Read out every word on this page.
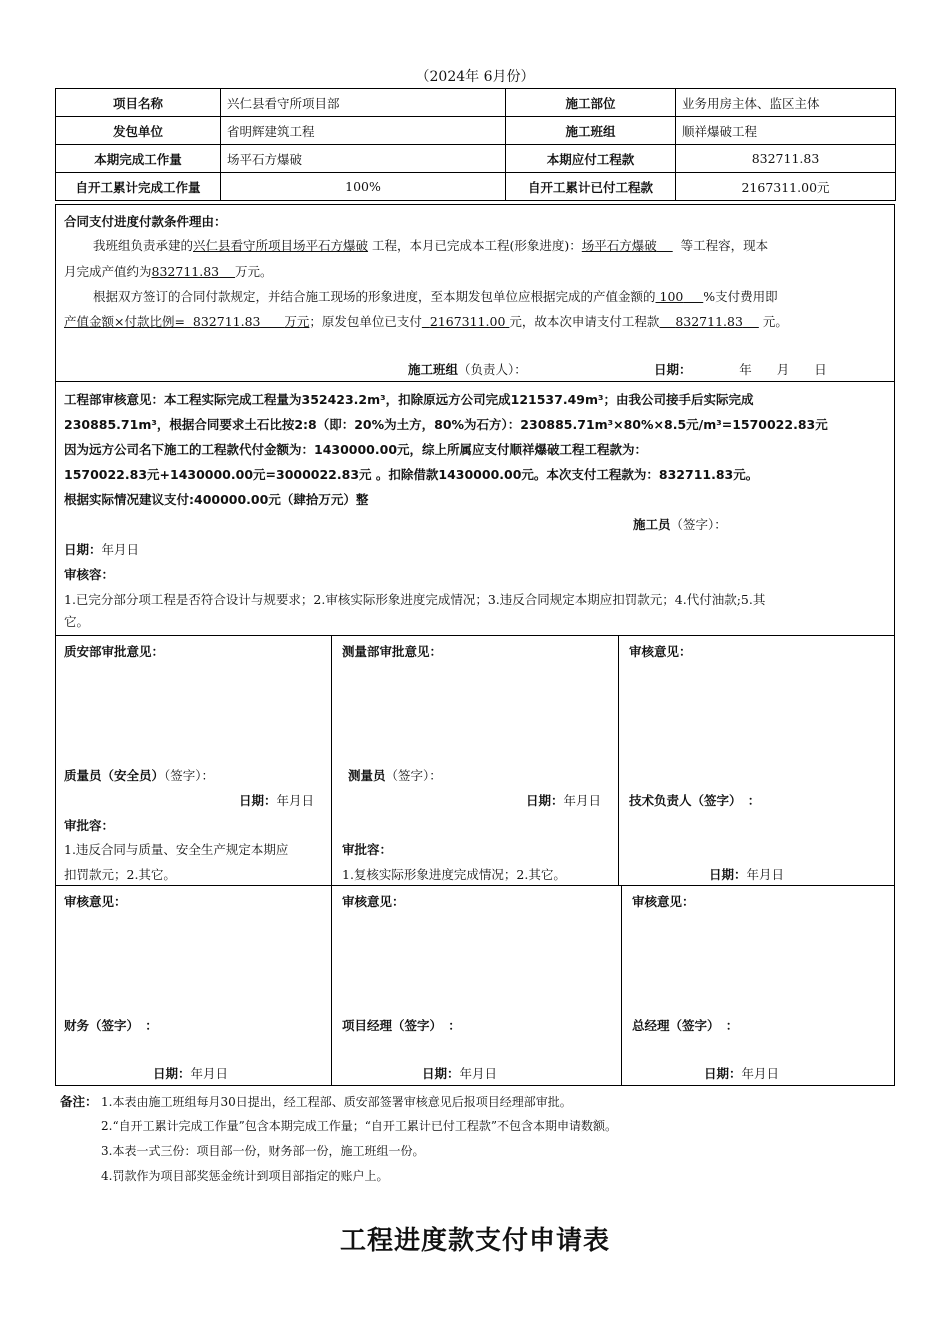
（2024年 6月份）
项目名称	兴仁县看守所项目部	施工部位	业务用房主体、监区主体
发包单位	省明辉建筑工程	施工班组	顺祥爆破工程
本期完成工作量	场平石方爆破	本期应付工程款	832711.83
自开工累计完成工作量	100%	自开工累计已付工程款	2167311.00元
合同支付进度付款条件理由：
我班组负责承建的兴仁县看守所项目场平石方爆破 工程，本月已完成本工程(形象进度)：场平石方爆破 等工程容，现本
月完成产值约为832711.83 万元。
根据双方签订的合同付款规定，并结合施工现场的形象进度，至本期发包单位应根据完成的产值金额的 100 %支付费用即
产值金额×付款比例= 832711.83 万元；原发包单位已支付 2167311.00 元，故本次申请支付工程款 832711.83 元。
施工班组（负责人）：	日期：	年　　月　　日
工程部审核意见：本工程实际完成工程量为352423.2m³，扣除原远方公司完成121537.49m³；由我公司接手后实际完成
230885.71m³，根据合同要求土石比按2:8（即：20%为土方，80%为石方）：230885.71m³×80%×8.5元/m³=1570022.83元
因为远方公司名下施工的工程款代付金额为：1430000.00元，综上所属应支付顺祥爆破工程工程款为：
1570022.83元+1430000.00元=3000022.83元 。扣除借款1430000.00元。本次支付工程款为：832711.83元。
根据实际情况建议支付:400000.00元（肆拾万元）整
施工员（签字）：
日期：年月日
审核容：
1.已完分部分项工程是否符合设计与规要求；2.审核实际形象进度完成情况；3.违反合同规定本期应扣罚款元；4.代付油款;5.其
它。
质安部审批意见：
质量员（安全员）（签字）：
日期：年月日
审批容：
1.违反合同与质量、安全生产规定本期应
扣罚款元；2.其它。
测量部审批意见：
测量员（签字）：
日期：年月日
审批容：
1.复核实际形象进度完成情况；2.其它。
审核意见：
技术负责人（签字）　：
日期：年月日
审核意见：
财务（签字）　：
日期：年月日
审核意见：
项目经理（签字）　：
日期：年月日
审核意见：
总经理（签字）　：
日期：年月日
备注： 1.本表由施工班组每月30日提出，经工程部、质安部签署审核意见后报项目经理部审批。
2.“自开工累计完成工作量”包含本期完成工作量；“自开工累计已付工程款”不包含本期申请数额。
3.本表一式三份：项目部一份，财务部一份，施工班组一份。
4.罚款作为项目部奖惩金统计到项目部指定的账户上。
工程进度款支付申请表
